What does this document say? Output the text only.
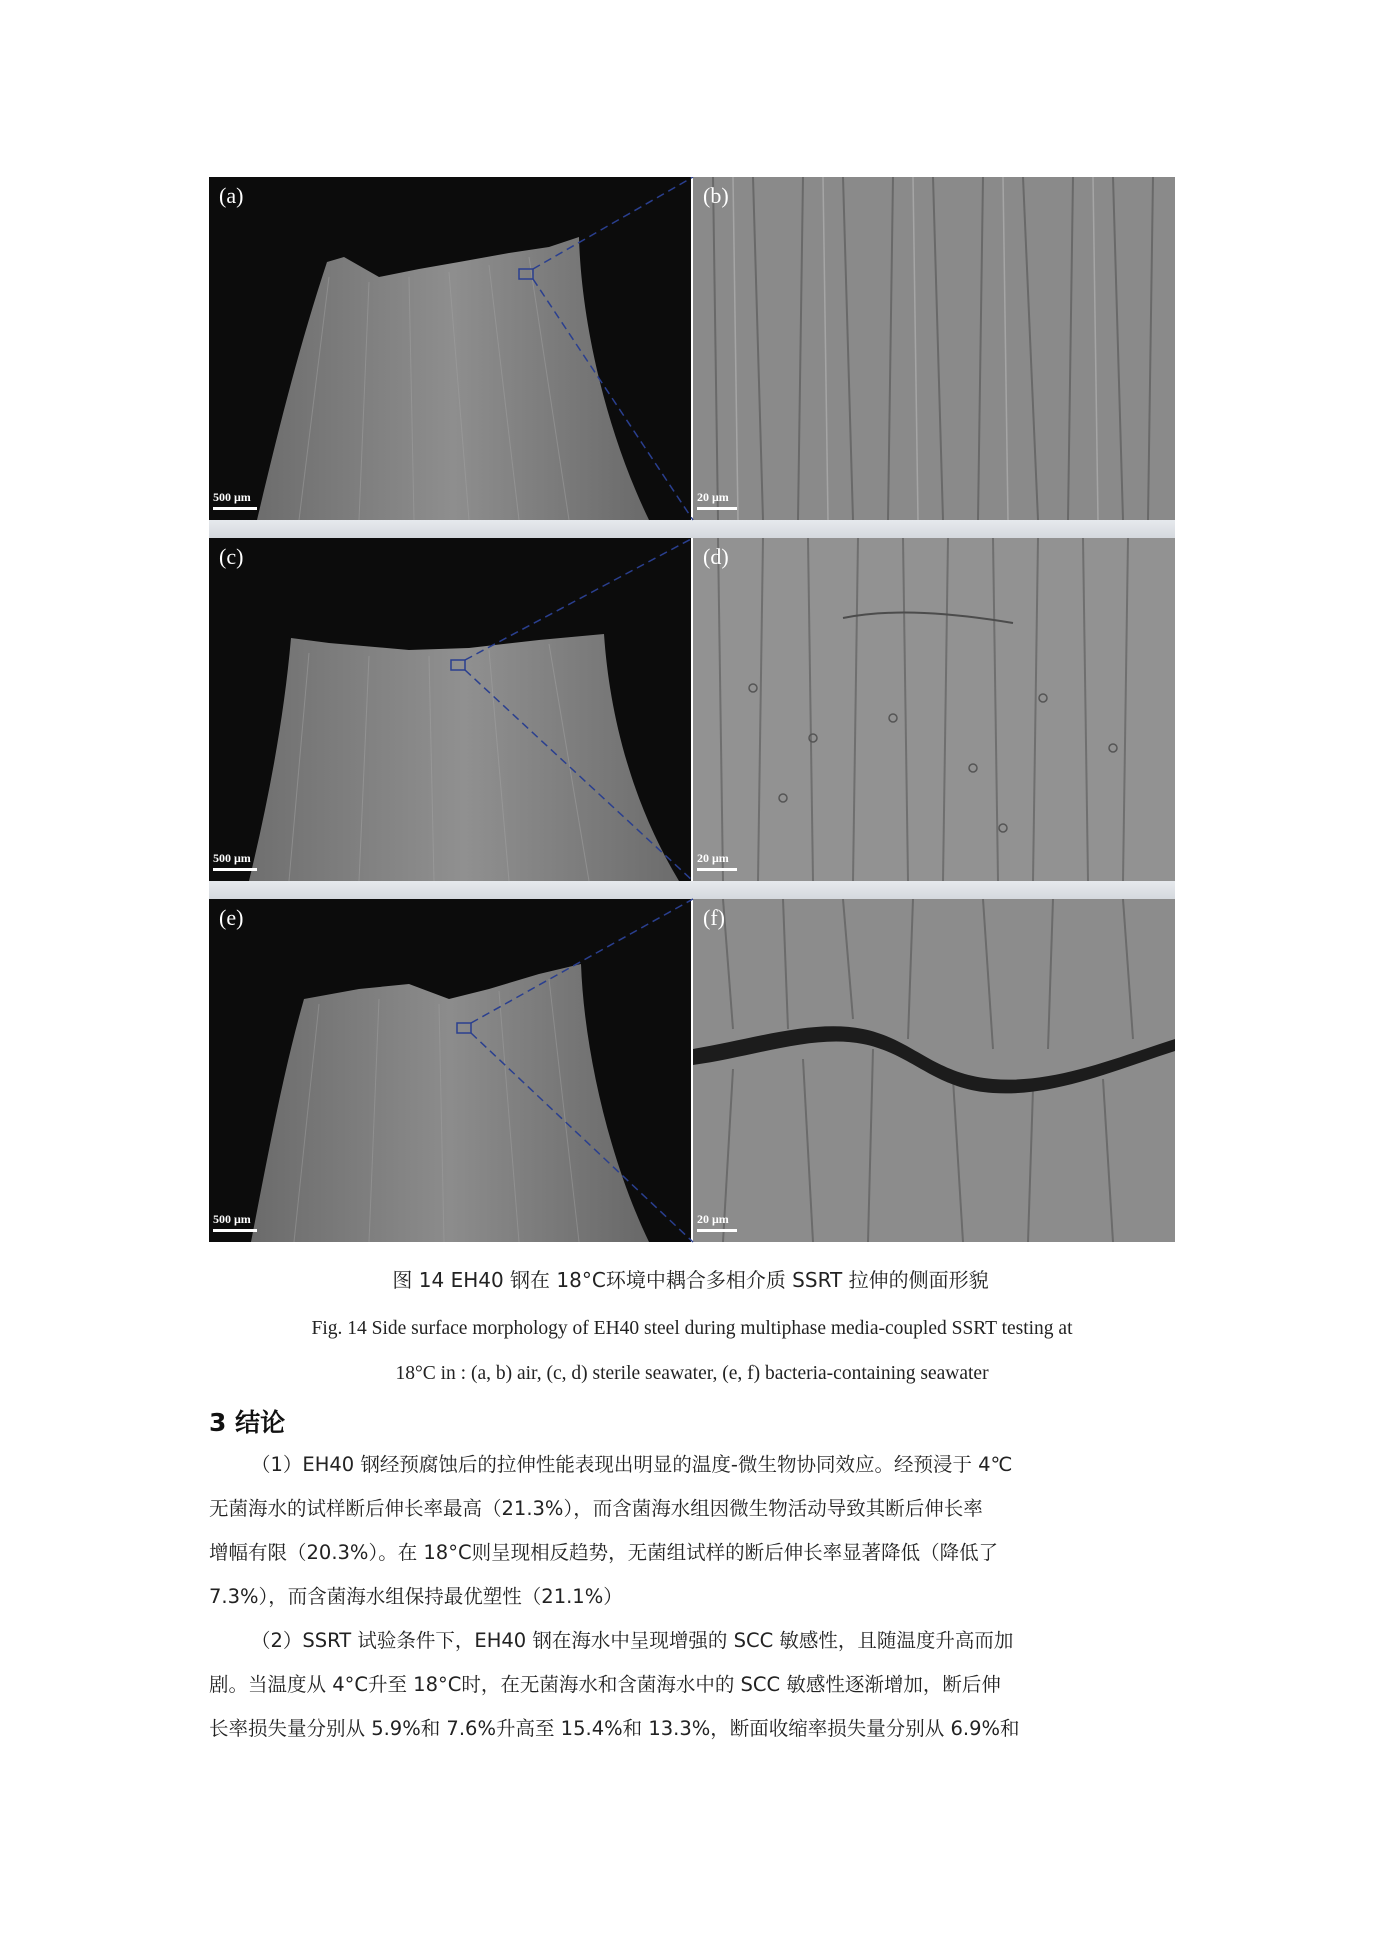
(a)
500 μm
(b)
20 μm
(c)
500 μm
(d)
20 μm
(e)
500 μm
(f)
20 μm
图 14 EH40 钢在 18°C环境中耦合多相介质 SSRT 拉伸的侧面形貌
Fig. 14 Side surface morphology of EH40 steel during multiphase media-coupled SSRT testing at
18°C in : (a, b) air, (c, d) sterile seawater, (e, f) bacteria-containing seawater
3 结论
（1）EH40 钢经预腐蚀后的拉伸性能表现出明显的温度-微生物协同效应。经预浸于 4℃
无菌海水的试样断后伸长率最高（21.3%），而含菌海水组因微生物活动导致其断后伸长率
增幅有限（20.3%）。在 18°C则呈现相反趋势，无菌组试样的断后伸长率显著降低（降低了
7.3%），而含菌海水组保持最优塑性（21.1%）
（2）SSRT 试验条件下，EH40 钢在海水中呈现增强的 SCC 敏感性，且随温度升高而加
剧。当温度从 4°C升至 18°C时，在无菌海水和含菌海水中的 SCC 敏感性逐渐增加，断后伸
长率损失量分别从 5.9%和 7.6%升高至 15.4%和 13.3%，断面收缩率损失量分别从 6.9%和
